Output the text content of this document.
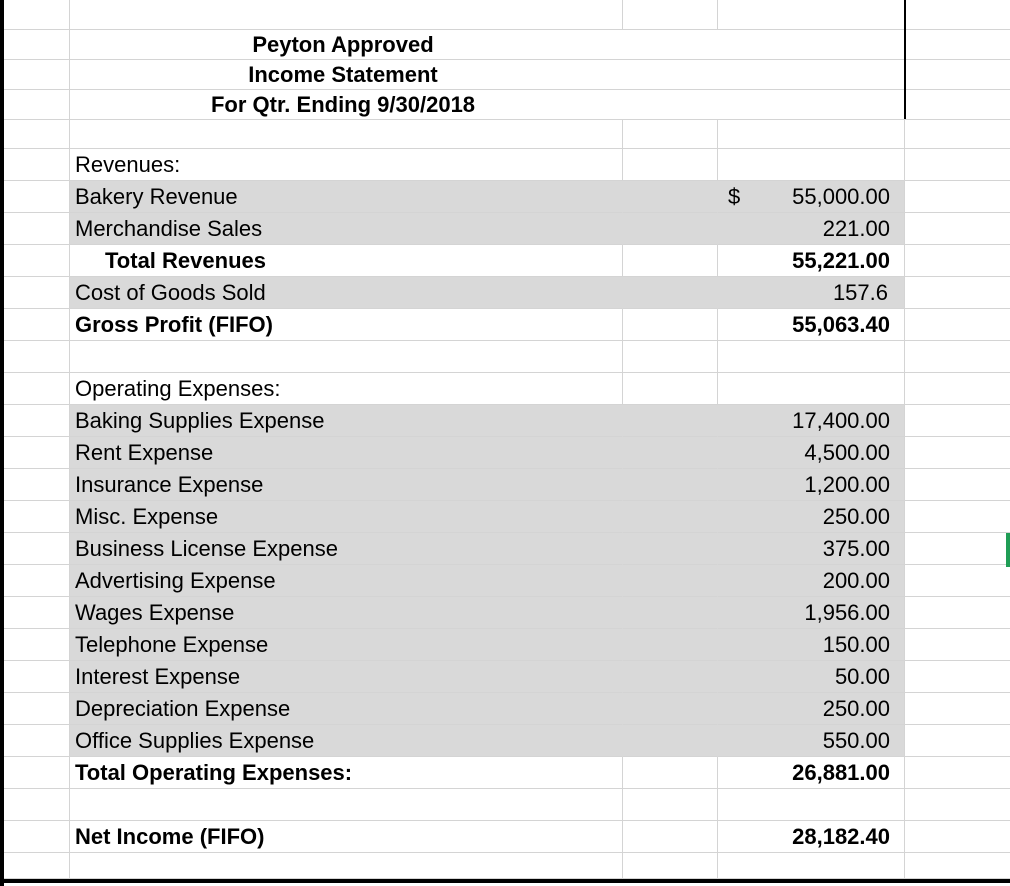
Peyton Approved
Income Statement
For Qtr. Ending 9/30/2018
Revenues:
Bakery Revenue	$ 55,000.00
Merchandise Sales	221.00
Total Revenues	55,221.00
Cost of Goods Sold	157.6
Gross Profit (FIFO)	55,063.40
Operating Expenses:
Baking Supplies Expense	17,400.00
Rent Expense	4,500.00
Insurance Expense	1,200.00
Misc. Expense	250.00
Business License Expense	375.00
Advertising Expense	200.00
Wages Expense	1,956.00
Telephone Expense	150.00
Interest Expense	50.00
Depreciation Expense	250.00
Office Supplies Expense	550.00
Total Operating Expenses:	26,881.00
Net Income (FIFO)	28,182.40
